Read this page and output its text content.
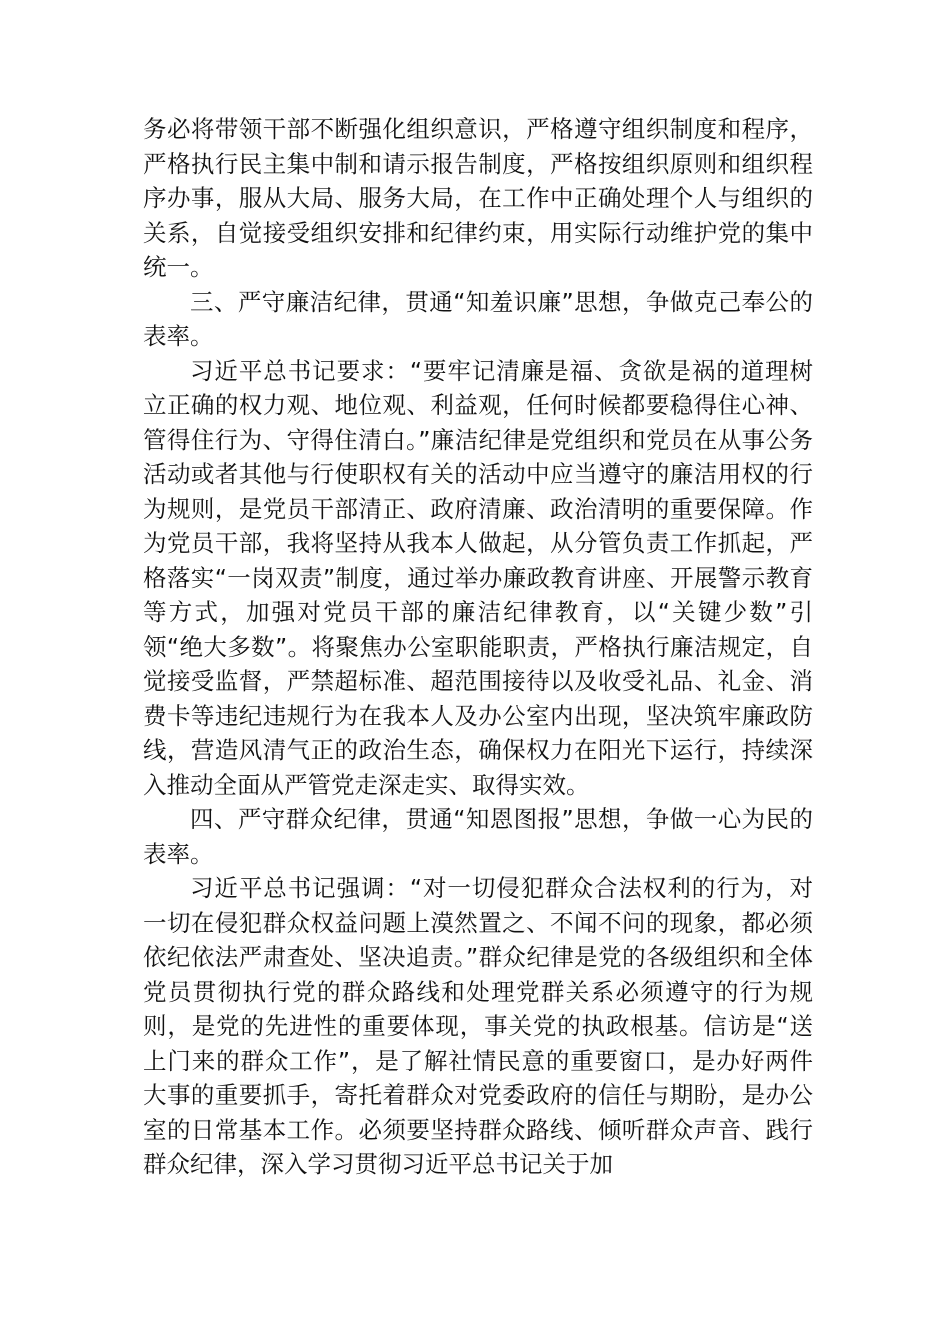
务必将带领干部不断强化组织意识，严格遵守组织制度和程序，严格执行民主集中制和请示报告制度，严格按组织原则和组织程序办事，服从大局、服务大局，在工作中正确处理个人与组织的关系，自觉接受组织安排和纪律约束，用实际行动维护党的集中统一。

三、严守廉洁纪律，贯通“知羞识廉”思想，争做克己奉公的表率。

习近平总书记要求：“要牢记清廉是福、贪欲是祸的道理树立正确的权力观、地位观、利益观，任何时候都要稳得住心神、管得住行为、守得住清白。”廉洁纪律是党组织和党员在从事公务活动或者其他与行使职权有关的活动中应当遵守的廉洁用权的行为规则，是党员干部清正、政府清廉、政治清明的重要保障。作为党员干部，我将坚持从我本人做起，从分管负责工作抓起，严格落实“一岗双责”制度，通过举办廉政教育讲座、开展警示教育等方式，加强对党员干部的廉洁纪律教育，以“关键少数”引领“绝大多数”。将聚焦办公室职能职责，严格执行廉洁规定，自觉接受监督，严禁超标准、超范围接待以及收受礼品、礼金、消费卡等违纪违规行为在我本人及办公室内出现，坚决筑牢廉政防线，营造风清气正的政治生态，确保权力在阳光下运行，持续深入推动全面从严管党走深走实、取得实效。

四、严守群众纪律，贯通“知恩图报”思想，争做一心为民的表率。

习近平总书记强调：“对一切侵犯群众合法权利的行为，对一切在侵犯群众权益问题上漠然置之、不闻不问的现象，都必须依纪依法严肃查处、坚决追责。”群众纪律是党的各级组织和全体党员贯彻执行党的群众路线和处理党群关系必须遵守的行为规则，是党的先进性的重要体现，事关党的执政根基。信访是“送上门来的群众工作”，是了解社情民意的重要窗口，是办好两件大事的重要抓手，寄托着群众对党委政府的信任与期盼，是办公室的日常基本工作。必须要坚持群众路线、倾听群众声音、践行群众纪律，深入学习贯彻习近平总书记关于加
